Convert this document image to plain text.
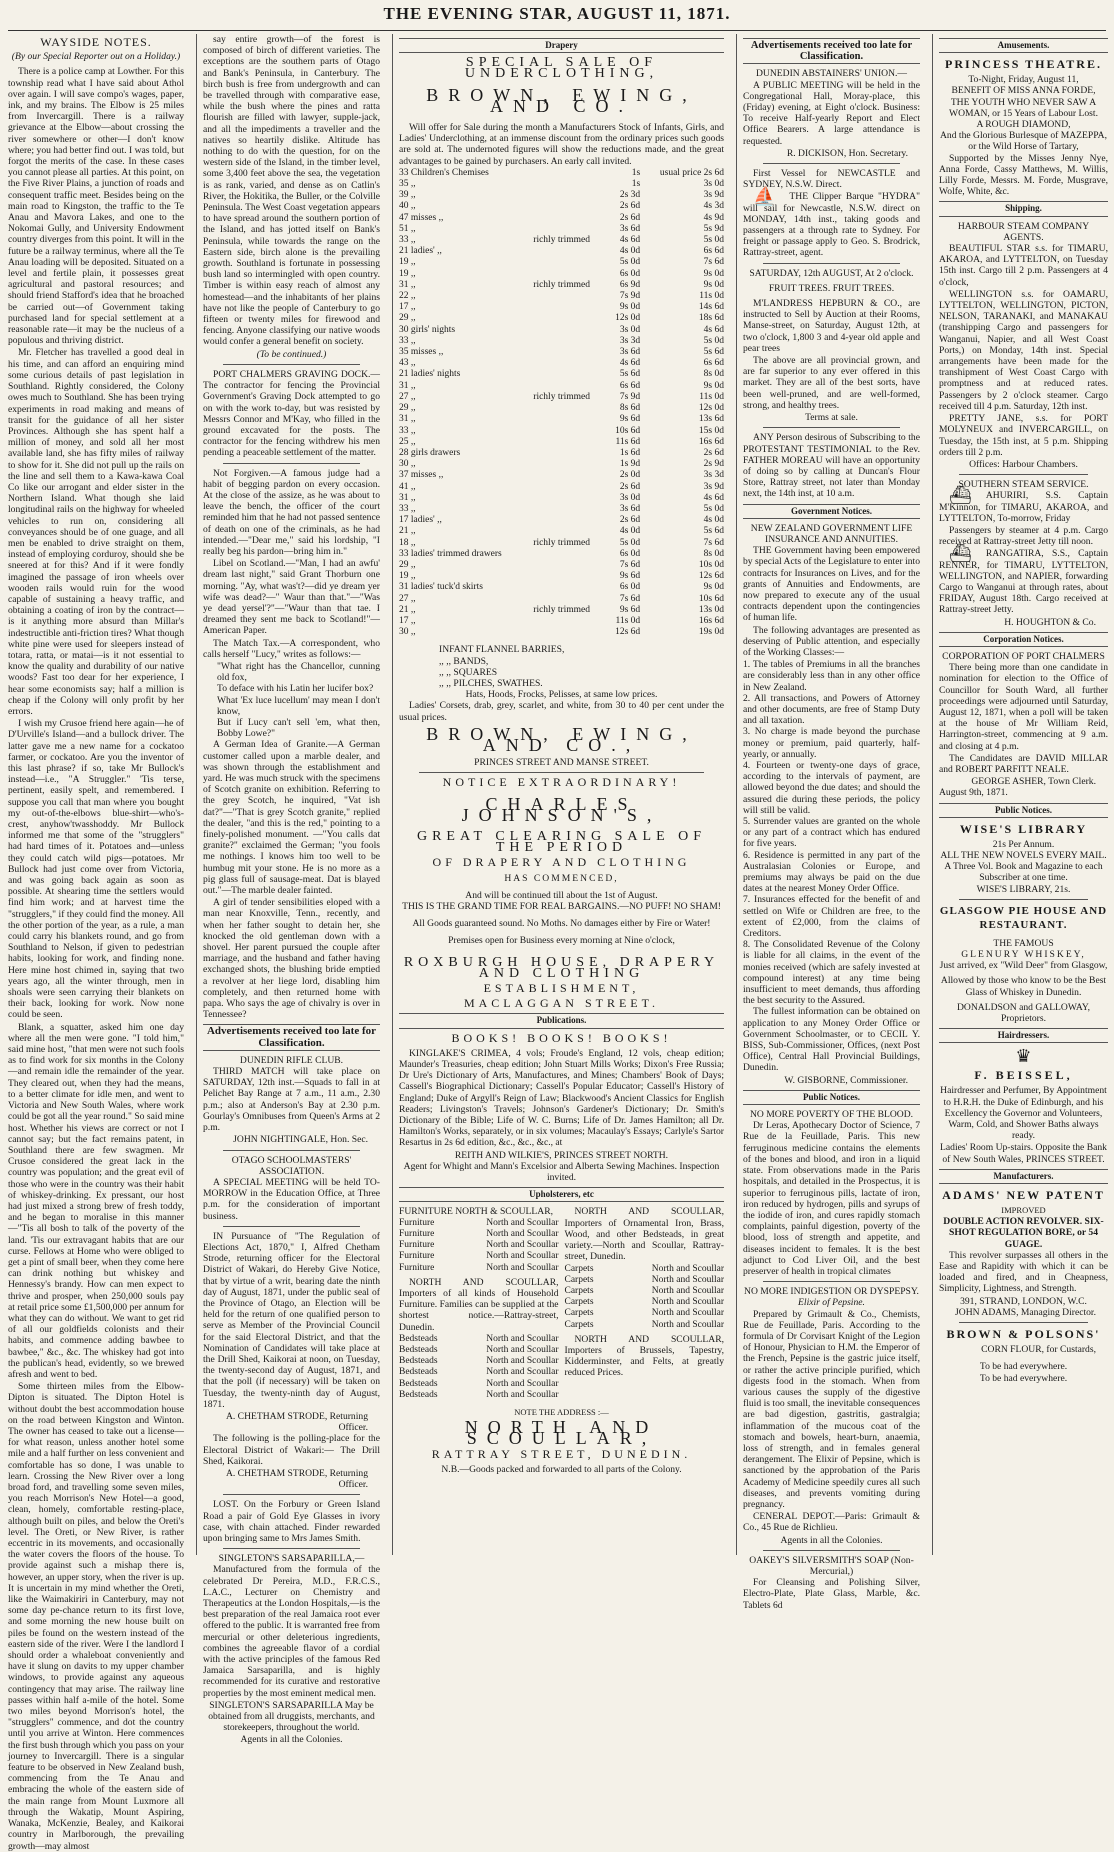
THE EVENING STAR, AUGUST 11, 1871.
WAYSIDE NOTES.
(By our Special Reporter out on a Holiday.)

There is a police camp at Lowther. For this township read what I have said about Athol over again. I will save compo's wages, paper, ink, and my brains. The Elbow is 25 miles from Invercargill. There is a railway grievance at the Elbow—about crossing the river somewhere or other—I don't know where; you had better find out. I was told, but forgot the merits of the case. In these cases you cannot please all parties. At this point, on the Five River Plains, a junction of roads and consequent traffic meet. Besides being on the main road to Kingston, the traffic to the Te Anau and Mavora Lakes, and one to the Nokomai Gully, and University Endowment country diverges from this point. It will in the future be a railway terminus, where all the Te Anau loading will be deposited. Situated on a level and fertile plain, it possesses great agricultural and pastoral resources; and should friend Stafford's idea that he broached be carried out—of Government taking purchased land for special settlement at a reasonable rate—it may be the nucleus of a populous and thriving district.

Mr. Fletcher has travelled a good deal in his time, and can afford an enquiring mind some curious details of past legislation in Southland. Rightly considered, the Colony owes much to Southland. She has been trying experiments in road making and means of transit for the guidance of all her sister Provinces. Although she has spent half a million of money, and sold all her most available land, she has fifty miles of railway to show for it. She did not pull up the rails on the line and sell them to a Kawa-kawa Coal Co like our arrogant and elder sister in the Northern Island. What though she laid longitudinal rails on the highway for wheeled vehicles to run on, considering all conveyances should be of one guage, and all men be enabled to drive straight on them, instead of employing corduroy, should she be sneered at for this? And if it were fondly imagined the passage of iron wheels over wooden rails would ruin for the wood capable of sustaining a heavy traffic, and obtaining a coating of iron by the contract—is it anything more absurd than Millar's indestructible anti-friction tires? What though white pine were used for sleepers instead of totara, ratta, or matai—is it not essential to know the quality and durability of our native woods? Fast too dear for her experience, I hear some economists say; half a million is cheap if the Colony will only profit by her errors.

I wish my Crusoe friend here again—he of D'Urville's Island—and a bullock driver. The latter gave me a new name for a cockatoo farmer, or cockatoo. Are you the inventor of this last phrase? if so, take Mr Bullock's instead—i.e., "A Struggler." 'Tis terse, pertinent, easily spelt, and remembered. I suppose you call that man where you bought my out-of-the-elbows blue-shirt—who's-crest, anyhow'twasshoddy. Mr Bullock informed me that some of the "strugglers" had hard times of it. Potatoes and—unless they could catch wild pigs—potatoes. Mr Bullock had just come over from Victoria, and was going back again as soon as possible. At shearing time the settlers would find him work; and at harvest time the "strugglers," if they could find the money. All the other portion of the year, as a rule, a man could carry his blankets round, and go from Southland to Nelson, if given to pedestrian habits, looking for work, and finding none. Here mine host chimed in, saying that two years ago, all the winter through, men in shoals were seen carrying their blankets on their back, looking for work. Now none could be seen.

Blank, a squatter, asked him one day where all the men were gone. "I told him," said mine host, "that men were not such fools as to find work for six months in the Colony—and remain idle the remainder of the year. They cleared out, when they had the means, to a better climate for idle men, and went to Victoria and New South Wales, where work could be got all the year round." So said mine host. Whether his views are correct or not I cannot say; but the fact remains patent, in Southland there are few swagmen. Mr Crusoe considered the great lack in the country was population; and the great evil of those who were in the country was their habit of whiskey-drinking. Ex pressant, our host had just mixed a strong brew of fresh toddy, and he began to moralise in this manner—"Tis all bosh to talk of the poverty of the land. 'Tis our extravagant habits that are our curse. Fellows at Home who were obliged to get a pint of small beer, when they come here can drink nothing but whiskey and Hennessy's brandy. How can men expect to thrive and prosper, when 250,000 souls pay at retail price some £1,500,000 per annum for what they can do without. We want to get rid of all our goldfields colonists and their habits, and commence adding bawbee to bawbee," &c., &c. The whiskey had got into the publican's head, evidently, so we brewed afresh and went to bed.

Some thirteen miles from the Elbow-Dipton is situated. The Dipton Hotel is without doubt the best accommodation house on the road between Kingston and Winton. The owner has ceased to take out a license—for what reason, unless another hotel some mile and a half further on less convenient and comfortable has so done, I was unable to learn. Crossing the New River over a long broad ford, and travelling some seven miles, you reach Morrison's New Hotel—a good, clean, homely, comfortable resting-place, although built on piles, and below the Oreti's level. The Oreti, or New River, is rather eccentric in its movements, and occasionally the water covers the floors of the house. To provide against such a mishap there is, however, an upper story, when the river is up. It is uncertain in my mind whether the Oreti, like the Waimakiriri in Canterbury, may not some day pe-chance return to its first love, and some morning the new house built on piles be found on the western instead of the eastern side of the river. Were I the landlord I should order a whaleboat conveniently and have it slung on davits to my upper chamber windows, to provide against any aqueous contingency that may arise. The railway line passes within half a-mile of the hotel. Some two miles beyond Morrison's hotel, the "strugglers" commence, and dot the country until you arrive at Winton. Here commences the first bush through which you pass on your journey to Invercargill. There is a singular feature to be observed in New Zealand bush, commencing from the Te Anau and embracing the whole of the eastern side of the main range from Mount Luxmore all through the Wakatip, Mount Aspiring, Wanaka, McKenzie, Bealey, and Kaikorai country in Marlborough, the prevailing growth—may almost

say entire growth—of the forest is composed of birch of different varieties. The exceptions are the southern parts of Otago and Bank's Peninsula, in Canterbury. The birch bush is free from undergrowth and can be travelled through with comparative ease, while the bush where the pines and ratta flourish are filled with lawyer, supple-jack, and all the impediments a traveller and the natives so heartily dislike. Altitude has nothing to do with the question, for on the western side of the Island, in the timber level, some 3,400 feet above the sea, the vegetation is as rank, varied, and dense as on Catlin's River, the Hokitika, the Buller, or the Colville Peninsula. The West Coast vegetation appears to have spread around the southern portion of the Island, and has jotted itself on Bank's Peninsula, while towards the range on the Eastern side, birch alone is the prevailing growth. Southland is fortunate in possessing bush land so intermingled with open country. Timber is within easy reach of almost any homestead—and the inhabitants of her plains have not like the people of Canterbury to go fifteen or twenty miles for firewood and fencing. Anyone classifying our native woods would confer a general benefit on society.

(To be continued.)

PORT CHALMERS GRAVING DOCK.—The contractor for fencing the Provincial Government's Graving Dock attempted to go on with the work to-day, but was resisted by Messrs Connor and M'Kay, who filled in the ground excavated for the posts. The contractor for the fencing withdrew his men pending a peaceable settlement of the matter.

Not Forgiven.—A famous judge had a habit of begging pardon on every occasion. At the close of the assize, as he was about to leave the bench, the officer of the court reminded him that he had not passed sentence of death on one of the criminals, as he had intended.—"Dear me," said his lordship, "I really beg his pardon—bring him in."

Libel on Scotland.—"Man, I had an awfu' dream last night," said Grant Thorburn one morning. "Ay, what was't?—did ye dream yer wife was dead?—" Waur than that."—"Was ye dead yersel'?"—"Waur than that tae. I dreamed they sent me back to Scotland!"—American Paper.

The Match Tax.—A correspondent, who calls herself "Lucy," writes as follows:—

"What right has the Chancellor, cunning old fox,
To deface with his Latin her lucifer box?
What 'Ex luce lucellum' may mean I don't know,
But if Lucy can't sell 'em, what then, Bobby Lowe?"

A German Idea of Granite.—A German customer called upon a marble dealer, and was shown through the establishment and yard. He was much struck with the specimens of Scotch granite on exhibition. Referring to the grey Scotch, he inquired, "Vat ish dat?"—"That is grey Scotch granite," replied the dealer, "and this is the red," pointing to a finely-polished monument. —"You calls dat granite?" exclaimed the German; "you fools me nothings. I knows him too well to be humbug mit your stone. He is no more as a pig glass full of sausage-meat. Dat is blayed out."—The marble dealer fainted.

A girl of tender sensibilities eloped with a man near Knoxville, Tenn., recently, and when her father sought to detain her, she knocked the old gentleman down with a shovel. Her parent pursued the couple after marriage, and the husband and father having exchanged shots, the blushing bride emptied a revolver at her liege lord, disabling him completely, and then returned home with papa. Who says the age of chivalry is over in Tennessee?

Advertisements received too late for Classification.
DUNEDIN RIFLE CLUB.

THIRD MATCH will take place on SATURDAY, 12th inst.—Squads to fall in at Pelichet Bay Range at 7 a.m., 11 a.m., 2.30 p.m.; also at Anderson's Bay at 2.30 p.m. Gourlay's Omnibuses from Queen's Arms at 2 p.m.

JOHN NIGHTINGALE, Hon. Sec.
OTAGO SCHOOLMASTERS' ASSOCIATION.

A SPECIAL MEETING will be held TO-MORROW in the Education Office, at Three p.m. for the consideration of important business.

IN Pursuance of "The Regulation of Elections Act, 1870," I, Alfred Chetham Strode, returning officer for the Electoral District of Wakari, do Hereby Give Notice, that by virtue of a writ, bearing date the ninth day of August, 1871, under the public seal of the Province of Otago, an Election will be held for the return of one qualified person to serve as Member of the Provincial Council for the said Electoral District, and that the Nomination of Candidates will take place at the Drill Shed, Kaikorai at noon, on Tuesday, the twenty-second day of August, 1871, and that the poll (if necessary) will be taken on Tuesday, the twenty-ninth day of August, 1871.

A. CHETHAM STRODE, Returning Officer.

The following is the polling-place for the Electoral District of Wakari:— The Drill Shed, Kaikorai.

A. CHETHAM STRODE, Returning Officer.

LOST. On the Forbury or Green Island Road a pair of Gold Eye Glasses in ivory case, with chain attached. Finder rewarded upon bringing same to Mrs James Smith.

SINGLETON'S SARSAPARILLA,—

Manufactured from the formula of the celebrated Dr Pereira, M.D., F.R.C.S., L.A.C., Lecturer on Chemistry and Therapeutics at the London Hospitals,—is the best preparation of the real Jamaica root ever offered to the public. It is warranted free from mercurial or other deleterious ingredients, combines the agreeable flavor of a cordial with the active principles of the famous Red Jamaica Sarsaparilla, and is highly recommended for its curative and restorative properties by the most eminent medical men.

SINGLETON'S SARSAPARILLA May be obtained from all druggists, merchants, and storekeepers, throughout the world.

Agents in all the Colonies.
Drapery
SPECIAL SALE OF UNDERCLOTHING,
BROWN, EWING, AND CO.

Will offer for Sale during the month a Manufacturers Stock of Infants, Girls, and Ladies' Underclothing, at an immense discount from the ordinary prices such goods are sold at. The undernoted figures will show the reductions made, and the great advantages to be gained by purchasers. An early call invited.

33 Children's Chemises		1s	usual price 2s 6d
35 ,,		1s	3s 0d
39 ,,		2s 3d	3s 9d
40 ,,		2s 6d	4s 3d
47 misses ,,		2s 6d	4s 9d
51 ,,		3s 6d	5s 9d
33 ,,	richly trimmed	4s 6d	5s 0d
21 ladies' ,,		4s 0d	6s 6d
19 ,,		5s 0d	7s 6d
19 ,,		6s 0d	9s 0d
31 ,,	richly trimmed	6s 9d	9s 0d
22 ,,		7s 9d	11s 0d
17 ,,		9s 0d	14s 6d
29 ,,		12s 0d	18s 6d
30 girls' nights		3s 0d	4s 6d
33 ,,		3s 3d	5s 0d
35 misses ,,		3s 6d	5s 6d
43 ,,		4s 6d	6s 6d
21 ladies' nights		5s 6d	8s 0d
31 ,,		6s 6d	9s 0d
27 ,,	richly trimmed	7s 9d	11s 0d
29 ,,		8s 6d	12s 0d
31 ,,		9s 6d	13s 6d
33 ,,		10s 6d	15s 0d
25 ,,		11s 6d	16s 6d
28 girls drawers		1s 6d	2s 6d
30 ,,		1s 9d	2s 9d
37 misses ,,		2s 0d	3s 3d
41 ,,		2s 6d	3s 9d
31 ,,		3s 0d	4s 6d
33 ,,		3s 6d	5s 0d
17 ladies' ,,		2s 6d	4s 0d
21 ,,		4s 0d	5s 6d
18 ,,	richly trimmed	5s 0d	7s 6d
33 ladies' trimmed drawers		6s 0d	8s 0d
29 ,,		7s 6d	10s 0d
19 ,,		9s 6d	12s 6d
31 ladies' tuck'd skirts		6s 0d	9s 0d
27 ,,		7s 6d	10s 6d
21 ,,	richly trimmed	9s 6d	13s 0d
17 ,,		11s 0d	16s 6d
30 ,,		12s 6d	19s 0d
INFANT FLANNEL BARRIES,
,, ,, BANDS,
,, ,, SQUARES
,, ,, PILCHES, SWATHES.
Hats, Hoods, Frocks, Pelisses, at same low prices.

Ladies' Corsets, drab, grey, scarlet, and white, from 30 to 40 per cent under the usual prices.

BROWN, EWING, AND CO.,
PRINCES STREET AND MANSE STREET.
NOTICE EXTRAORDINARY!
CHARLES JOHNSON'S,
GREAT CLEARING SALE OF THE PERIOD
OF DRAPERY AND CLOTHING
HAS COMMENCED,
And will be continued till about the 1st of August.
THIS IS THE GRAND TIME FOR REAL BARGAINS.—NO PUFF! NO SHAM!
All Goods guaranteed sound. No Moths. No damages either by Fire or Water!
Premises open for Business every morning at Nine o'clock,
ROXBURGH HOUSE, DRAPERY AND CLOTHING
ESTABLISHMENT,
MACLAGGAN STREET.
Publications.
BOOKS! BOOKS! BOOKS!

KINGLAKE'S CRIMEA, 4 vols; Froude's England, 12 vols, cheap edition; Maunder's Treasuries, cheap edition; John Stuart Mills Works; Dixon's Free Russia; Dr Ure's Dictionary of Arts, Manufactures, and Mines; Chambers' Book of Days; Cassell's Biographical Dictionary; Cassell's Popular Educator; Cassell's History of England; Duke of Argyll's Reign of Law; Blackwood's Ancient Classics for English Readers; Livingston's Travels; Johnson's Gardener's Dictionary; Dr. Smith's Dictionary of the Bible; Life of W. C. Burns; Life of Dr. James Hamilton; all Dr. Hamilton's Works, separately, or in six volumes; Macaulay's Essays; Carlyle's Sartor Resartus in 2s 6d edition, &c., &c., &c., at

REITH AND WILKIE'S, PRINCES STREET NORTH.
Agent for Whight and Mann's Excelsior and Alberta Sewing Machines. Inspection invited.
Upholsterers, etc
FURNITURE NORTH & SCOULLAR,
Furniture	North and Scoullar
Furniture	North and Scoullar
Furniture	North and Scoullar
Furniture	North and Scoullar
Furniture	North and Scoullar

NORTH AND SCOULLAR, Importers of all kinds of Household Furniture. Families can be supplied at the shortest notice.—Rattray-street, Dunedin.

Bedsteads	North and Scoullar
Bedsteads	North and Scoullar
Bedsteads	North and Scoullar
Bedsteads	North and Scoullar
Bedsteads	North and Scoullar
Bedsteads	North and Scoullar

NORTH AND SCOULLAR, Importers of Ornamental Iron, Brass, Wood, and other Bedsteads, in great variety.—North and Scoullar, Rattray-street, Dunedin.

Carpets	North and Scoullar
Carpets	North and Scoullar
Carpets	North and Scoullar
Carpets	North and Scoullar
Carpets	North and Scoullar
Carpets	North and Scoullar

NORTH AND SCOULLAR, Importers of Brussels, Tapestry, Kidderminster, and Felts, at greatly reduced Prices.

NOTE THE ADDRESS :—
NORTH AND SCOULLAR,
RATTRAY STREET, DUNEDIN.
N.B.—Goods packed and forwarded to all parts of the Colony.
Advertisements received too late for Classification.
DUNEDIN ABSTAINERS' UNION.—

A PUBLIC MEETING will be held in the Congregational Hall, Moray-place, this (Friday) evening, at Eight o'clock. Business: To receive Half-yearly Report and Elect Office Bearers. A large attendance is requested.

R. DICKISON, Hon. Secretary.

First Vessel for NEWCASTLE and SYDNEY, N.S.W. Direct.

⛵ THE Clipper Barque "HYDRA" will sail for Newcastle, N.S.W. direct on MONDAY, 14th inst., taking goods and passengers at a through rate to Sydney. For freight or passage apply to Geo. S. Brodrick, Rattray-street, agent.

SATURDAY, 12th AUGUST, At 2 o'clock.
FRUIT TREES. FRUIT TREES.

M'LANDRESS HEPBURN & CO., are instructed to Sell by Auction at their Rooms, Manse-street, on Saturday, August 12th, at two o'clock, 1,800 3 and 4-year old apple and pear trees

The above are all provincial grown, and are far superior to any ever offered in this market. They are all of the best sorts, have been well-pruned, and are well-formed, strong, and healthy trees.

Terms at sale.

ANY Person desirous of Subscribing to the PROTESTANT TESTIMONIAL to the Rev. FATHER MOREAU will have an opportunity of doing so by calling at Duncan's Flour Store, Rattray street, not later than Monday next, the 14th inst, at 10 a.m.

Government Notices.
NEW ZEALAND GOVERNMENT LIFE INSURANCE AND ANNUITIES.

THE Government having been empowered by special Acts of the Legislature to enter into contracts for Insurances on Lives, and for the grants of Annuities and Endowments, are now prepared to execute any of the usual contracts dependent upon the contingencies of human life.

The following advantages are presented as deserving of Public attention, and especially of the Working Classes:—

1. The tables of Premiums in all the branches are considerably less than in any other office in New Zealand.
2. All transactions, and Powers of Attorney and other documents, are free of Stamp Duty and all taxation.
3. No charge is made beyond the purchase money or premium, paid quarterly, half-yearly, or annually.
4. Fourteen or twenty-one days of grace, according to the intervals of payment, are allowed beyond the due dates; and should the assured die during these periods, the policy will still be valid.
5. Surrender values are granted on the whole or any part of a contract which has endured for five years.
6. Residence is permitted in any part of the Australasian Colonies or Europe, and premiums may always be paid on the due dates at the nearest Money Order Office.
7. Insurances effected for the benefit of and settled on Wife or Children are free, to the extent of £2,000, from the claims of Creditors.
8. The Consolidated Revenue of the Colony is liable for all claims, in the event of the monies received (which are safely invested at compound interest) at any time being insufficient to meet demands, thus affording the best security to the Assured.

The fullest information can be obtained on application to any Money Order Office or Government Schoolmaster, or to CECIL Y. BISS, Sub-Commissioner, Offices, (next Post Office), Central Hall Provincial Buildings, Dunedin.

W. GISBORNE, Commissioner.
Public Notices.
NO MORE POVERTY OF THE BLOOD.

Dr Leras, Apothecary Doctor of Science, 7 Rue de la Feuillade, Paris. This new ferruginous medicine contains the elements of the bones and blood, and iron in a liquid state. From observations made in the Paris hospitals, and detailed in the Prospectus, it is superior to ferruginous pills, lactate of iron, iron reduced by hydrogen, pills and syrups of the iodide of iron, and cures rapidly stomach complaints, painful digestion, poverty of the blood, loss of strength and appetite, and diseases incident to females. It is the best adjunct to Cod Liver Oil, and the best preserver of health in tropical climates

NO MORE INDIGESTION OR DYSPEPSY.
Elixir of Pepsine.

Prepared by Grimault & Co., Chemists, Rue de Feuillade, Paris. According to the formula of Dr Corvisart Knight of the Legion of Honour, Physician to H.M. the Emperor of the French, Pepsine is the gastric juice itself, or rather the active principle purified, which digests food in the stomach. When from various causes the supply of the digestive fluid is too small, the inevitable consequences are bad digestion, gastritis, gastralgia; inflammation of the mucous coat of the stomach and bowels, heart-burn, anaemia, loss of strength, and in females general derangement. The Elixir of Pepsine, which is sanctioned by the approbation of the Paris Academy of Medicine speedily cures all such diseases, and prevents vomiting during pregnancy.

CENERAL DEPOT.—Paris: Grimault & Co., 45 Rue de Richlieu.

Agents in all the Colonies.
OAKEY'S SILVERSMITH'S SOAP (Non-Mercurial,)

For Cleansing and Polishing Silver, Electro-Plate, Plate Glass, Marble, &c. Tablets 6d

Amusements.
PRINCESS THEATRE.
To-Night, Friday, August 11,
BENEFIT OF MISS ANNA FORDE,
THE YOUTH WHO NEVER SAW A WOMAN, or 15 Years of Labour Lost.
A ROUGH DIAMOND,
And the Glorious Burlesque of MAZEPPA, or the Wild Horse of Tartary,

Supported by the Misses Jenny Nye, Anna Forde, Cassy Matthews, M. Willis, Lilly Forde, Messrs. M. Forde, Musgrave, Wolfe, White, &c.

Shipping.
HARBOUR STEAM COMPANY AGENTS.

BEAUTIFUL STAR s.s. for TIMARU, AKAROA, and LYTTELTON, on Tuesday 15th inst. Cargo till 2 p.m. Passengers at 4 o'clock,

WELLINGTON s.s. for OAMARU, LYTTELTON, WELLINGTON, PICTON, NELSON, TARANAKI, and MANAKAU (transhipping Cargo and passengers for Wanganui, Napier, and all West Coast Ports,) on Monday, 14th inst. Special arrangements have been made for the transhipment of West Coast Cargo with promptness and at reduced rates. Passengers by 2 o'clock steamer. Cargo received till 4 p.m. Saturday, 12th inst.

PRETTY JANE, s.s. for PORT MOLYNEUX and INVERCARGILL, on Tuesday, the 15th inst, at 5 p.m. Shipping orders till 2 p.m.

Offices: Harbour Chambers.
SOUTHERN STEAM SERVICE.

⛴ AHURIRI, S.S. Captain M'Kinnon, for TIMARU, AKAROA, and LYTTELTON, To-morrow, Friday

Passengers by steamer at 4 p.m. Cargo received at Rattray-street Jetty till noon.

⛴ RANGATIRA, S.S., Captain RENNER, for TIMARU, LYTTELTON, WELLINGTON, and NAPIER, forwarding Cargo to Wanganui at through rates, about FRIDAY, August 18th. Cargo received at Rattray-street Jetty.

H. HOUGHTON & Co.
Corporation Notices.
CORPORATION OF PORT CHALMERS

There being more than one candidate in nomination for election to the Office of Councillor for South Ward, all further proceedings were adjourned until Saturday, August 12, 1871, when a poll will be taken at the house of Mr William Reid, Harrington-street, commencing at 9 a.m. and closing at 4 p.m.

The Candidates are DAVID MILLAR and ROBERT PARFITT NEALE.

GEORGE ASHER, Town Clerk.
August 9th, 1871.
Public Notices.
WISE'S LIBRARY
21s Per Annum.
ALL THE NEW NOVELS EVERY MAIL.
A Three Vol. Book and Magazine to each Subscriber at one time.
WISE'S LIBRARY, 21s.
GLASGOW PIE HOUSE AND RESTAURANT.
THE FAMOUS
GLENURY WHISKEY,
Just arrived, ex "Wild Deer" from Glasgow,
Allowed by those who know to be the Best Glass of Whiskey in Dunedin.
DONALDSON and GALLOWAY, Proprietors.
Hairdressers.
♛
F. BEISSEL,

Hairdresser and Perfumer, By Appointment to H.R.H. the Duke of Edinburgh, and his Excellency the Governor and Volunteers, Warm, Cold, and Shower Baths always ready.

Ladies' Room Up-stairs. Opposite the Bank of New South Wales, PRINCES STREET.

Manufacturers.
ADAMS' NEW PATENT
IMPROVED
DOUBLE ACTION REVOLVER. SIX-SHOT REGULATION BORE, or 54 GUAGE.

This revolver surpasses all others in the Ease and Rapidity with which it can be loaded and fired, and in Cheapness, Simplicity, Lightness, and Strength.

391, STRAND, LONDON, W.C.
JOHN ADAMS, Managing Director.
BROWN & POLSONS'
CORN FLOUR, for Custards,
To be had everywhere.
To be had everywhere.
